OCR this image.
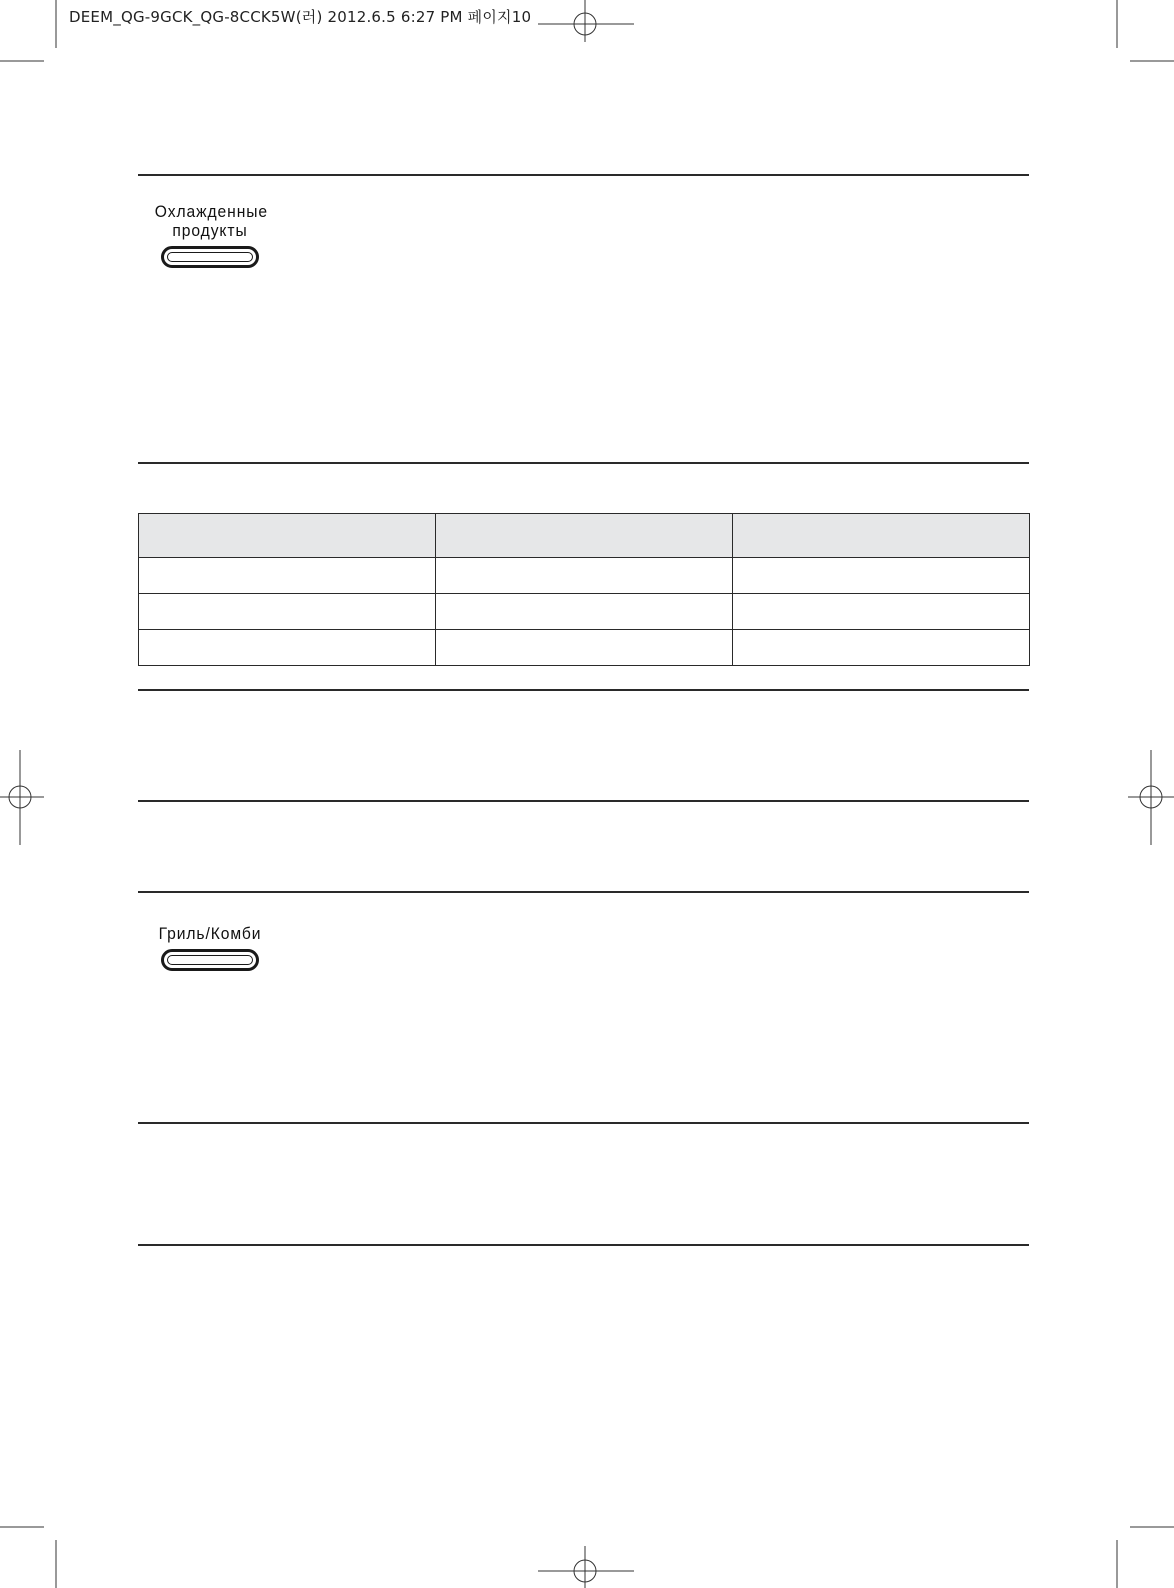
DEEM_QG-9GCK_QG-8CCK5W(러) 2012.6.5 6:27 PM 페이지10
Охлажденные
продукты

Гриль/Комби
